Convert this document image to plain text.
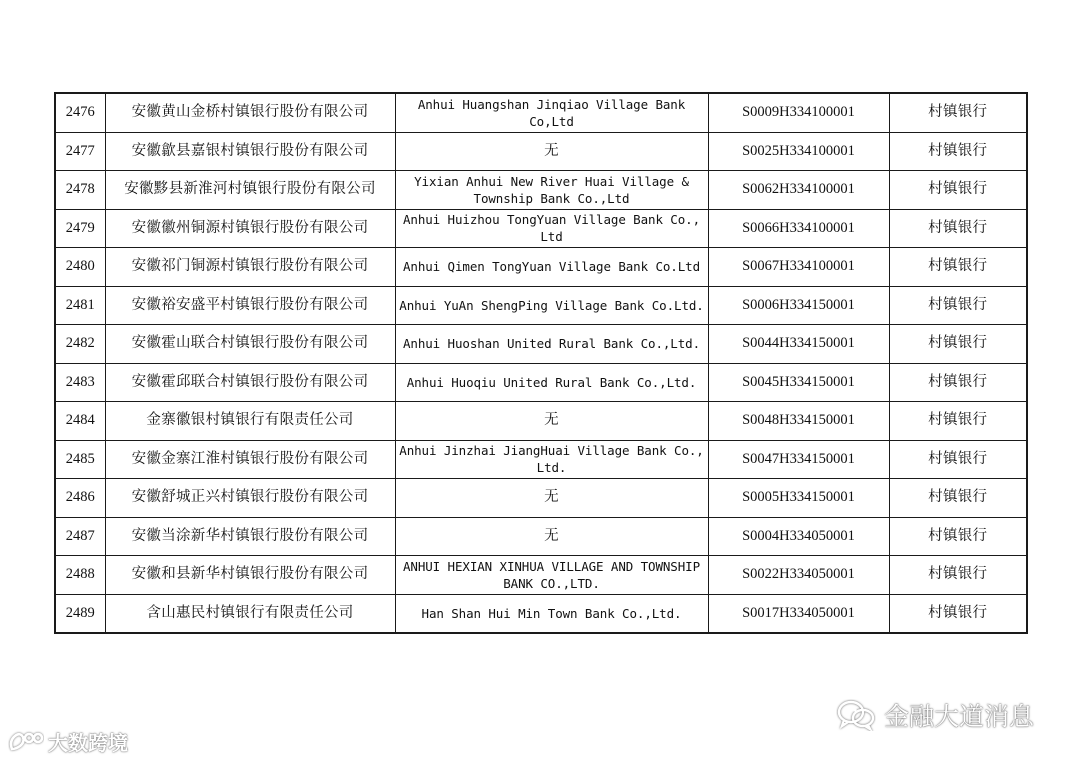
2476	安徽黄山金桥村镇银行股份有限公司	Anhui Huangshan Jinqiao Village Bank Co,Ltd	S0009H334100001	村镇银行
2477	安徽歙县嘉银村镇银行股份有限公司	无	S0025H334100001	村镇银行
2478	安徽黟县新淮河村镇银行股份有限公司	Yixian Anhui New River Huai Village & Township Bank Co.,Ltd	S0062H334100001	村镇银行
2479	安徽徽州铜源村镇银行股份有限公司	Anhui Huizhou TongYuan Village Bank Co., Ltd	S0066H334100001	村镇银行
2480	安徽祁门铜源村镇银行股份有限公司	Anhui Qimen TongYuan Village Bank Co.Ltd	S0067H334100001	村镇银行
2481	安徽裕安盛平村镇银行股份有限公司	Anhui YuAn ShengPing Village Bank Co.Ltd.	S0006H334150001	村镇银行
2482	安徽霍山联合村镇银行股份有限公司	Anhui Huoshan United Rural Bank Co.,Ltd.	S0044H334150001	村镇银行
2483	安徽霍邱联合村镇银行股份有限公司	Anhui Huoqiu United Rural Bank Co.,Ltd.	S0045H334150001	村镇银行
2484	金寨徽银村镇银行有限责任公司	无	S0048H334150001	村镇银行
2485	安徽金寨江淮村镇银行股份有限公司	Anhui Jinzhai JiangHuai Village Bank Co., Ltd.	S0047H334150001	村镇银行
2486	安徽舒城正兴村镇银行股份有限公司	无	S0005H334150001	村镇银行
2487	安徽当涂新华村镇银行股份有限公司	无	S0004H334050001	村镇银行
2488	安徽和县新华村镇银行股份有限公司	ANHUI HEXIAN XINHUA VILLAGE AND TOWNSHIP BANK CO.,LTD.	S0022H334050001	村镇银行
2489	含山惠民村镇银行有限责任公司	Han Shan Hui Min Town Bank Co.,Ltd.	S0017H334050001	村镇银行
大数跨境
金融大道消息
